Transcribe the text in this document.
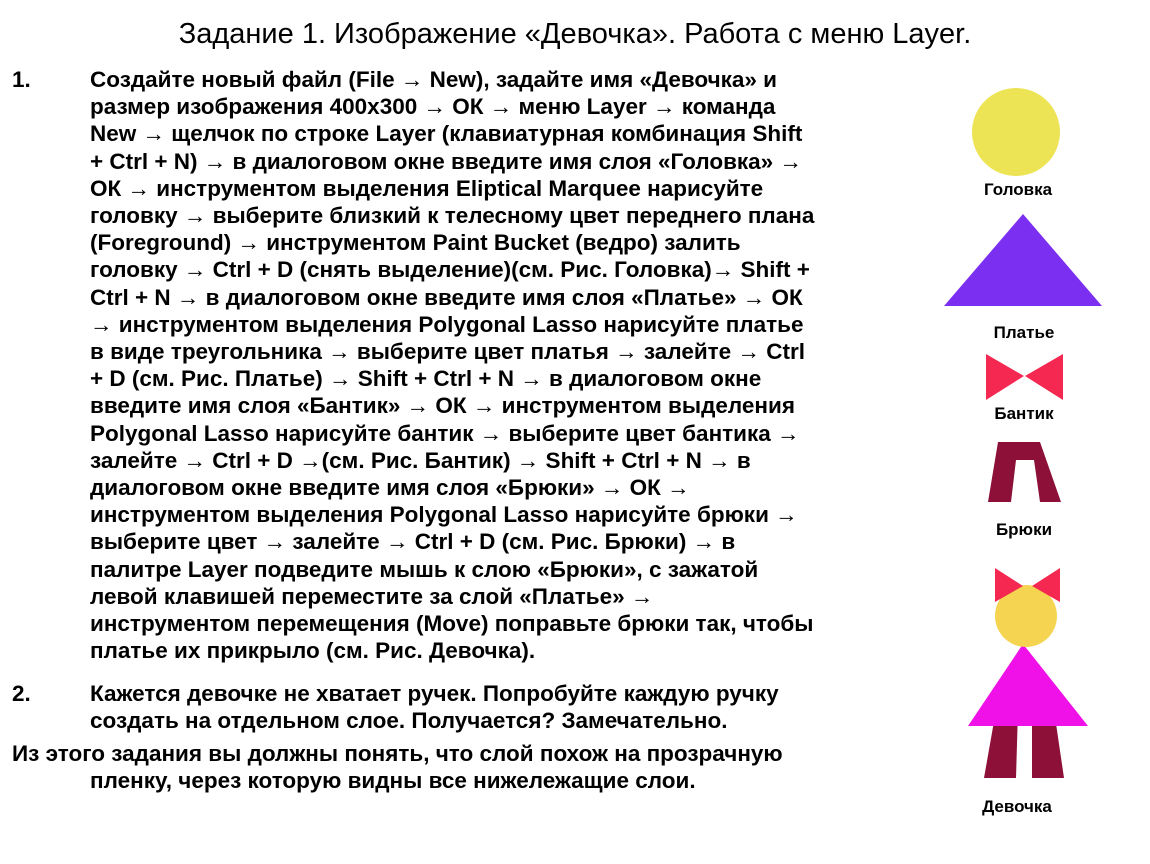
Задание 1. Изображение «Девочка». Работа с меню Layer.
1.	Создайте новый файл (File → New), задайте имя «Девочка» и
размер изображения 400х300 → ОК → меню Layer → команда
New → щелчок по строке Layer (клавиатурная комбинация Shift
+ Ctrl + N) → в диалоговом окне введите имя слоя «Головка» →
ОК → инструментом выделения Eliptical Marquee нарисуйте
головку → выберите близкий к телесному цвет переднего плана
(Foreground) → инструментом Paint Bucket (ведро) залить
головку → Ctrl + D (снять выделение)(см. Рис. Головка)→ Shift +
Ctrl + N → в диалоговом окне введите имя слоя «Платье» → ОК
→ инструментом выделения Polygonal Lasso нарисуйте платье
в виде треугольника → выберите цвет платья → залейте → Ctrl
+ D (см. Рис. Платье) → Shift + Ctrl + N → в диалоговом окне
введите имя слоя «Бантик» → ОК → инструментом выделения
Polygonal Lasso нарисуйте бантик → выберите цвет бантика →
залейте → Ctrl + D →(см. Рис. Бантик) → Shift + Ctrl + N → в
диалоговом окне введите имя слоя «Брюки» → ОК →
инструментом выделения Polygonal Lasso нарисуйте брюки →
выберите цвет → залейте → Ctrl + D (см. Рис. Брюки) → в
палитре Layer подведите мышь к слою «Брюки», с зажатой
левой клавишей переместите за слой «Платье» →
инструментом перемещения (Move) поправьте брюки так, чтобы
платье их прикрыло (см. Рис. Девочка).
2.	Кажется девочке не хватает ручек. Попробуйте каждую ручку
создать на отдельном слое. Получается? Замечательно.
Из этого задания вы должны понять, что слой похож на прозрачную
пленку, через которую видны все нижележащие слои.
Головка
Платье
Бантик
Брюки
Девочка
